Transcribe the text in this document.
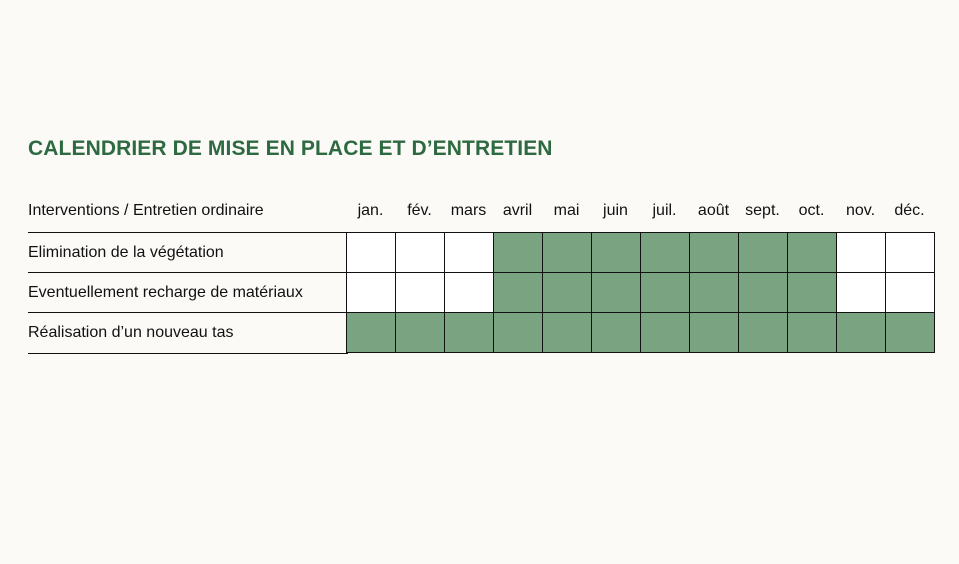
CALENDRIER DE MISE EN PLACE ET D’ENTRETIEN
Interventions / Entretien ordinaire	jan.	fév.	mars	avril	mai	juin	juil.	août	sept.	oct.	nov.	déc.
Elimination de la végétation
Eventuellement recharge de matériaux
Réalisation d’un nouveau tas
